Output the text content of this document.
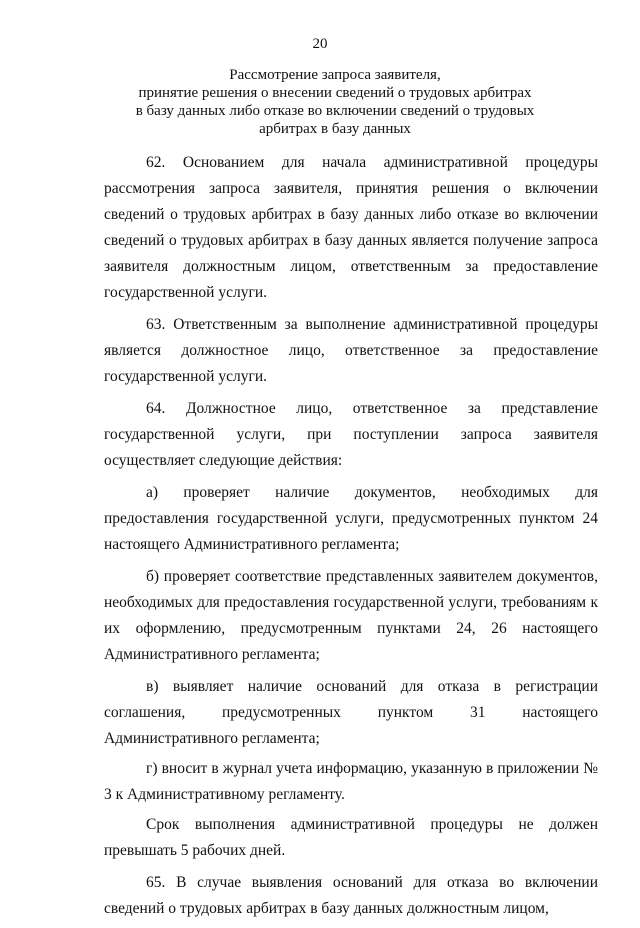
20
Рассмотрение запроса заявителя,
принятие решения о внесении сведений о трудовых арбитрах
в базу данных либо отказе во включении сведений о трудовых
арбитрах в базу данных

62. Основанием для начала административной процедуры рассмотрения запроса заявителя, принятия решения о включении сведений о трудовых арбитрах в базу данных либо отказе во включении сведений о трудовых арбитрах в базу данных является получение запроса заявителя должностным лицом, ответственным за предоставление государственной услуги.

63. Ответственным за выполнение административной процедуры является должностное лицо, ответственное за предоставление государственной услуги.

64. Должностное лицо, ответственное за представление государственной услуги, при поступлении запроса заявителя осуществляет следующие действия:

а) проверяет наличие документов, необходимых для предоставления государственной услуги, предусмотренных пунктом 24 настоящего Административного регламента;

б) проверяет соответствие представленных заявителем документов, необходимых для предоставления государственной услуги, требованиям к их оформлению, предусмотренным пунктами 24, 26 настоящего Административного регламента;

в) выявляет наличие оснований для отказа в регистрации соглашения, предусмотренных пунктом 31 настоящего Административного регламента;

г) вносит в журнал учета информацию, указанную в приложении № 3 к Административному регламенту.

Срок выполнения административной процедуры не должен превышать 5 рабочих дней.

65. В случае выявления оснований для отказа во включении сведений о трудовых арбитрах в базу данных должностным лицом,
